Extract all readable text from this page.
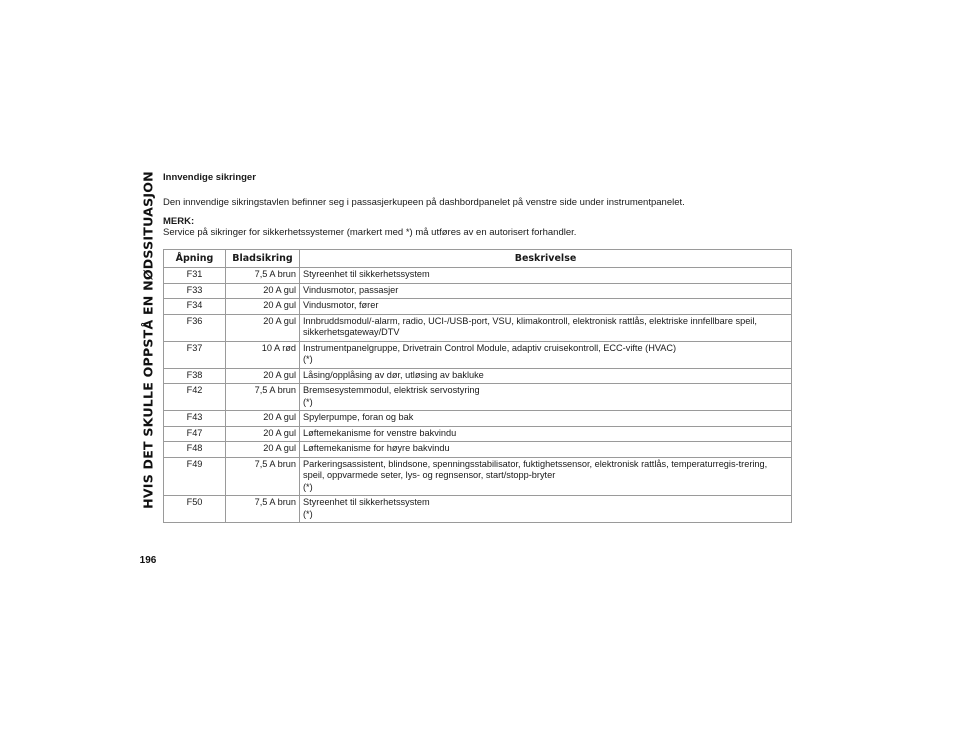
HVIS DET SKULLE OPPSTÅ EN NØDSSITUASJON
196
Innvendige sikringer
Den innvendige sikringstavlen befinner seg i passasjerkupeen på dashbordpanelet på venstre side under instrumentpanelet.
MERK:
Service på sikringer for sikkerhetssystemer (markert med *) må utføres av en autorisert forhandler.
Åpning	Bladsikring	Beskrivelse
F31	7,5 A brun	Styreenhet til sikkerhetssystem
F33	20 A gul	Vindusmotor, passasjer
F34	20 A gul	Vindusmotor, fører
F36	20 A gul	Innbruddsmodul/-alarm, radio, UCI-/USB-port, VSU, klimakontroll, elektronisk rattlås, elektriske innfellbare speil, sikkerhetsgateway/DTV
F37	10 A rød	Instrumentpanelgruppe, Drivetrain Control Module, adaptiv cruisekontroll, ECC-vifte (HVAC)
(*)

F38	20 A gul	Låsing/opplåsing av dør, utløsing av bakluke
F42	7,5 A brun	Bremsesystemmodul, elektrisk servostyring
(*)

F43	20 A gul	Spylerpumpe, foran og bak
F47	20 A gul	Løftemekanisme for venstre bakvindu
F48	20 A gul	Løftemekanisme for høyre bakvindu
F49	7,5 A brun	Parkeringsassistent, blindsone, spenningsstabilisator, fuktighetssensor, elektronisk rattlås, temperaturregis-trering, speil, oppvarmede seter, lys- og regnsensor, start/stopp-bryter
(*)

F50	7,5 A brun	Styreenhet til sikkerhetssystem
(*)
